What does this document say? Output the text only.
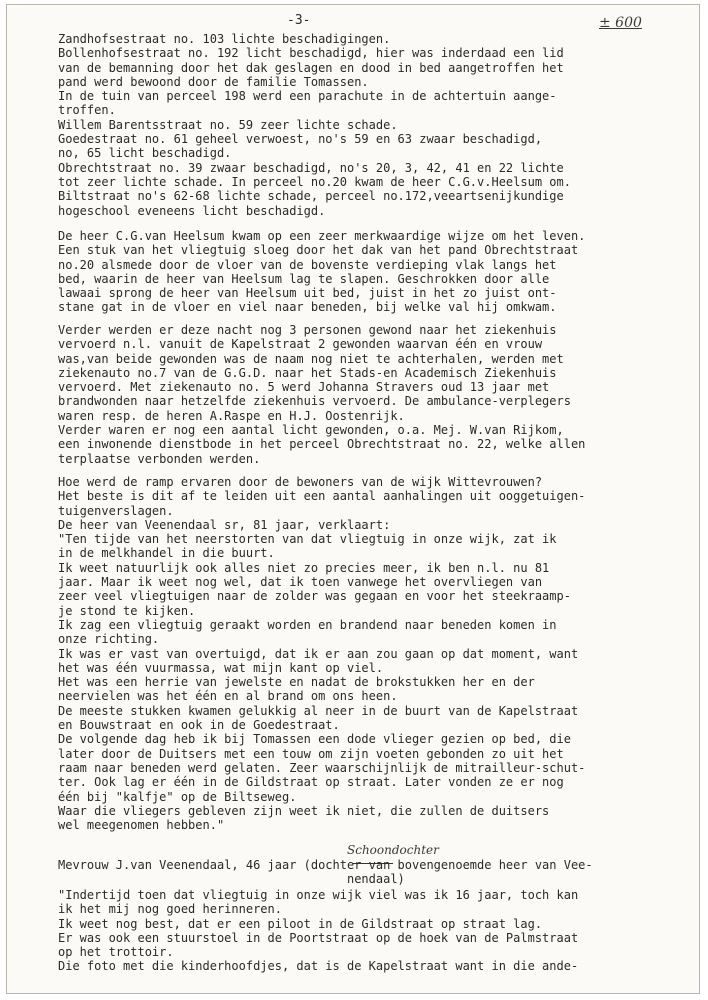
-3-	± 600
Zandhofsestraat no. 103 lichte beschadigingen.
Bollenhofsestraat no. 192 licht beschadigd, hier was inderdaad een lid
van de bemanning door het dak geslagen en dood in bed aangetroffen het
pand werd bewoond door de familie Tomassen.
In de tuin van perceel 198 werd een parachute in de achtertuin aange-
troffen.
Willem Barentsstraat no. 59 zeer lichte schade.
Goedestraat no. 61 geheel verwoest, no's 59 en 63 zwaar beschadigd,
no, 65 licht beschadigd.
Obrechtstraat no. 39 zwaar beschadigd, no's 20, 3, 42, 41 en 22 lichte
tot zeer lichte schade. In perceel no.20 kwam de heer C.G.v.Heelsum om.
Biltstraat no's 62-68 lichte schade, perceel no.172,veeartsenijkundige
hogeschool eveneens licht beschadigd.
De heer C.G.van Heelsum kwam op een zeer merkwaardige wijze om het leven.
Een stuk van het vliegtuig sloeg door het dak van het pand Obrechtstraat
no.20 alsmede door de vloer van de bovenste verdieping vlak langs het
bed, waarin de heer van Heelsum lag te slapen. Geschrokken door alle
lawaai sprong de heer van Heelsum uit bed, juist in het zo juist ont-
stane gat in de vloer en viel naar beneden, bij welke val hij omkwam.
Verder werden er deze nacht nog 3 personen gewond naar het ziekenhuis
vervoerd n.l. vanuit de Kapelstraat 2 gewonden waarvan één en vrouw
was,van beide gewonden was de naam nog niet te achterhalen, werden met
ziekenauto no.7 van de G.G.D. naar het Stads-en Academisch Ziekenhuis
vervoerd. Met ziekenauto no. 5 werd Johanna Stravers oud 13 jaar met
brandwonden naar hetzelfde ziekenhuis vervoerd. De ambulance-verplegers
waren resp. de heren A.Raspe en H.J. Oostenrijk.
Verder waren er nog een aantal licht gewonden, o.a. Mej. W.van Rijkom,
een inwonende dienstbode in het perceel Obrechtstraat no. 22, welke allen
terplaatse verbonden werden.
Hoe werd de ramp ervaren door de bewoners van de wijk Wittevrouwen?
Het beste is dit af te leiden uit een aantal aanhalingen uit ooggetuigen-
tuigenverslagen.
De heer van Veenendaal sr, 81 jaar, verklaart:
"Ten tijde van het neerstorten van dat vliegtuig in onze wijk, zat ik
in de melkhandel in die buurt.
Ik weet natuurlijk ook alles niet zo precies meer, ik ben n.l. nu 81
jaar. Maar ik weet nog wel, dat ik toen vanwege het overvliegen van
zeer veel vliegtuigen naar de zolder was gegaan en voor het steekraamp-
je stond te kijken.
Ik zag een vliegtuig geraakt worden en brandend naar beneden komen in
onze richting.
Ik was er vast van overtuigd, dat ik er aan zou gaan op dat moment, want
het was één vuurmassa, wat mijn kant op viel.
Het was een herrie van jewelste en nadat de brokstukken her en der
neervielen was het één en al brand om ons heen.
De meeste stukken kwamen gelukkig al neer in de buurt van de Kapelstraat
en Bouwstraat en ook in de Goedestraat.
De volgende dag heb ik bij Tomassen een dode vlieger gezien op bed, die
later door de Duitsers met een touw om zijn voeten gebonden zo uit het
raam naar beneden werd gelaten. Zeer waarschijnlijk de mitrailleur-schut-
ter. Ook lag er één in de Gildstraat op straat. Later vonden ze er nog
één bij "kalfje" op de Biltseweg.
Waar die vliegers gebleven zijn weet ik niet, die zullen de duitsers
wel meegenomen hebben."
Schoondochter
Mevrouw J.van Veenendaal, 46 jaar (dochter van bovengenoemde heer van Vee-
nendaal)
"Indertijd toen dat vliegtuig in onze wijk viel was ik 16 jaar, toch kan
ik het mij nog goed herinneren.
Ik weet nog best, dat er een piloot in de Gildstraat op straat lag.
Er was ook een stuurstoel in de Poortstraat op de hoek van de Palmstraat
op het trottoir.
Die foto met die kinderhoofdjes, dat is de Kapelstraat want in die ande-
